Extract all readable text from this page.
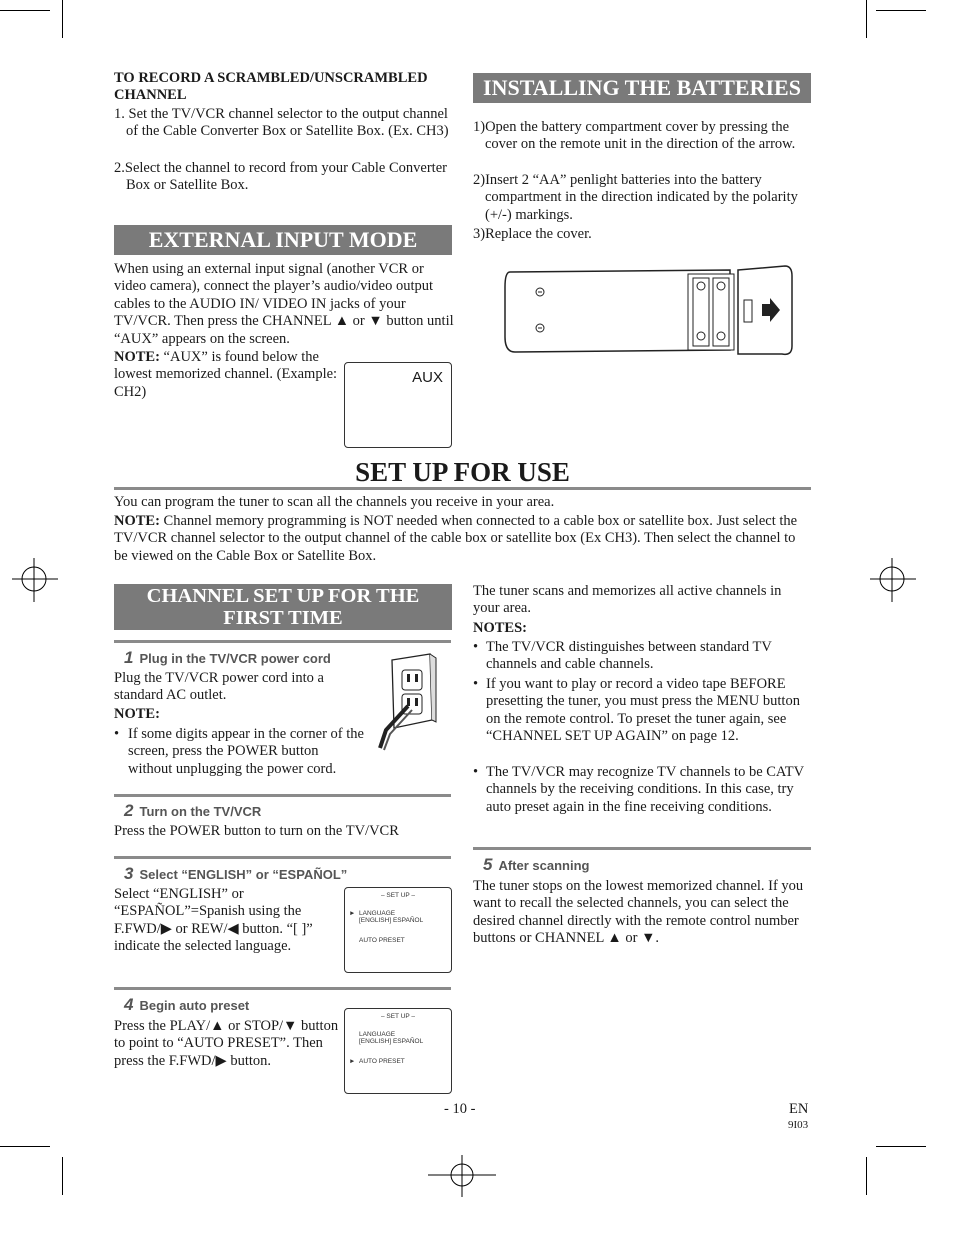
TO RECORD A SCRAMBLED/UNSCRAMBLED CHANNEL
1. Set the TV/VCR channel selector to the output channel of the Cable Converter Box or Satellite Box. (Ex. CH3)
2.Select the channel to record from your Cable Converter Box or Satellite Box.
EXTERNAL INPUT MODE
When using an external input signal (another VCR or video camera), connect the player’s audio/video output cables to the AUDIO IN/ VIDEO IN jacks of your TV/VCR. Then press the CHANNEL ▲ or ▼ button until “AUX” appears on the screen.
NOTE: “AUX” is found below the lowest memorized channel. (Example: CH2)
AUX
INSTALLING THE BATTERIES
1)Open the battery compartment cover by pressing the cover on the remote unit in the direction of the arrow.
2)Insert 2 “AA” penlight batteries into the battery compartment in the direction indicated by the polarity (+/-) markings.
3)Replace the cover.
SET UP FOR USE
You can program the tuner to scan all the channels you receive in your area.
NOTE: Channel memory programming is NOT needed when connected to a cable box or satellite box. Just select the TV/VCR channel selector to the output channel of the cable box or satellite box (Ex CH3). Then select the channel to be viewed on the Cable Box or Satellite Box.
CHANNEL SET UP FOR THE FIRST TIME
1 Plug in the TV/VCR power cord
Plug the TV/VCR power cord into a standard AC outlet.
NOTE:
• If some digits appear in the corner of the screen, press the POWER button without unplugging the power cord.
2 Turn on the TV/VCR
Press the POWER button to turn on the TV/VCR
3 Select “ENGLISH” or “ESPAÑOL”
Select “ENGLISH” or “ESPAÑOL”=Spanish using the F.FWD/▶ or REW/◀ button. “[ ]” indicate the selected language.
– SET UP –
► LANGUAGE
[ENGLISH] ESPAÑOL
AUTO PRESET
4 Begin auto preset
Press the PLAY/▲ or STOP/▼ button to point to “AUTO PRESET”. Then press the F.FWD/▶ button.
– SET UP –
LANGUAGE
[ENGLISH] ESPAÑOL
► AUTO PRESET
The tuner scans and memorizes all active channels in your area.
NOTES:
• The TV/VCR distinguishes between standard TV channels and cable channels.
• If you want to play or record a video tape BEFORE presetting the tuner, you must press the MENU button on the remote control. To preset the tuner again, see “CHANNEL SET UP AGAIN” on page 12.
• The TV/VCR may recognize TV channels to be CATV channels by the receiving conditions. In this case, try auto preset again in the fine receiving conditions.
5 After scanning
The tuner stops on the lowest memorized channel. If you want to recall the selected channels, you can select the desired channel directly with the remote control number buttons or CHANNEL ▲ or ▼.
- 10 -	EN
9I03
